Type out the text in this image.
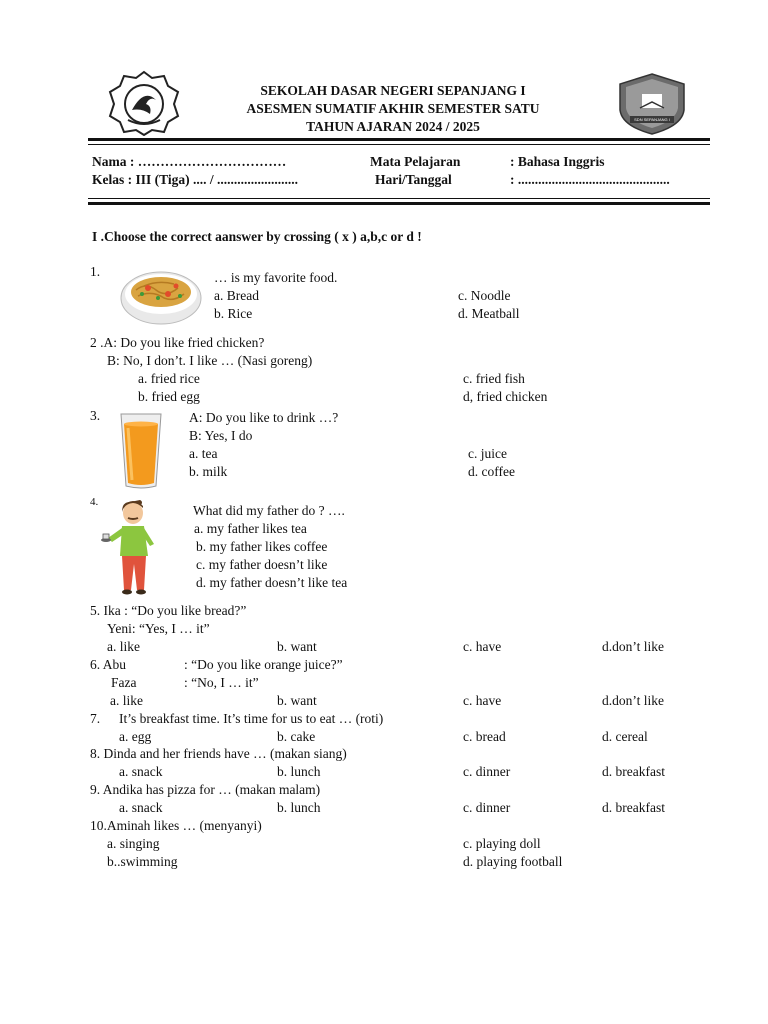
SDN SEPANJANG I
SEKOLAH DASAR NEGERI SEPANJANG I
ASESMEN SUMATIF AKHIR SEMESTER SATU
TAHUN AJARAN 2024 / 2025
Nama : ……………………………	Mata Pelajaran	: Bahasa Inggris
Kelas : III (Tiga) .... / ........................	Hari/Tanggal	: .............................................
I .Choose the correct aanswer by crossing ( x ) a,b,c or d !
1.	… is my favorite food.
a. Bread
b. Rice
c. Noodle
d. Meatball
2 .A: Do you like fried chicken?
B: No, I don’t. I like … (Nasi goreng)
a. fried rice
b. fried egg
c. fried fish
d, fried chicken
3.	A: Do you like to drink …?
B: Yes, I do
a. tea
b. milk
c. juice
d. coffee
4.
What did my father do ? ….
a. my father likes tea
b. my father likes coffee
c. my father doesn’t like
d. my father doesn’t like tea
5. Ika : “Do you like bread?”
Yeni: “Yes, I … it”
a. like	b. want	c. have	d.don’t like
6. Abu	: “Do you like orange juice?”
Faza	: “No, I … it”
a. like	b. want	c. have	d.don’t like
7. It’s breakfast time. It’s time for us to eat … (roti)
a. egg	b. cake	c. bread	d. cereal
8. Dinda and her friends have … (makan siang)
a. snack	b. lunch	c. dinner	d. breakfast
9. Andika has pizza for … (makan malam)
a. snack	b. lunch	c. dinner	d. breakfast
10.Aminah likes … (menyanyi)
a. singing
b..swimming
c. playing doll
d. playing football
